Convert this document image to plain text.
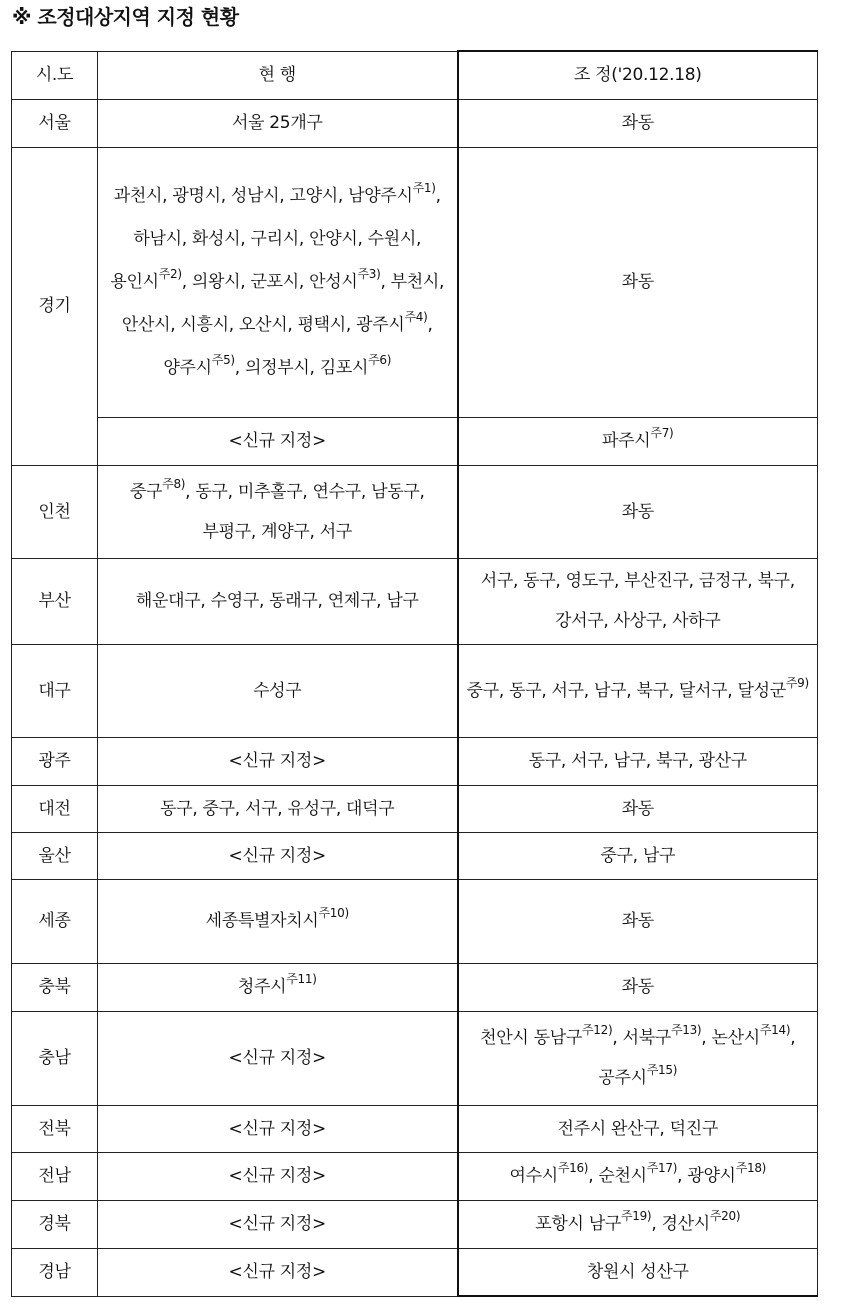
※ 조정대상지역 지정 현황
시.도	현 행	조 정('20.12.18)
서울	서울 25개구	좌동
경기	과천시, 광명시, 성남시, 고양시, 남양주시$^{주1)}$, 하남시, 화성시, 구리시, 안양시, 수원시, 용인시$^{주2)}$, 의왕시, 군포시, 안성시$^{주3)}$, 부천시, 안산시, 시흥시, 오산시, 평택시, 광주시$^{주4)}$, 양주시$^{주5)}$, 의정부시, 김포시$^{주6)}$	좌동
	<신규 지정>	파주시$^{주7)}$
인천	중구$^{주8)}$, 동구, 미추홀구, 연수구, 남동구, 부평구, 계양구, 서구	좌동
부산	해운대구, 수영구, 동래구, 연제구, 남구	서구, 동구, 영도구, 부산진구, 금정구, 북구, 강서구, 사상구, 사하구
대구	수성구	중구, 동구, 서구, 남구, 북구, 달서구, 달성군$^{주9)}$
광주	<신규 지정>	동구, 서구, 남구, 북구, 광산구
대전	동구, 중구, 서구, 유성구, 대덕구	좌동
울산	<신규 지정>	중구, 남구
세종	세종특별자치시$^{주10)}$	좌동
충북	청주시$^{주11)}$	좌동
충남	<신규 지정>	천안시 동남구$^{주12)}$, 서북구$^{주13)}$, 논산시$^{주14)}$, 공주시$^{주15)}$
전북	<신규 지정>	전주시 완산구, 덕진구
전남	<신규 지정>	여수시$^{주16)}$, 순천시$^{주17)}$, 광양시$^{주18)}$
경북	<신규 지정>	포항시 남구$^{주19)}$, 경산시$^{주20)}$
경남	<신규 지정>	창원시 성산구
